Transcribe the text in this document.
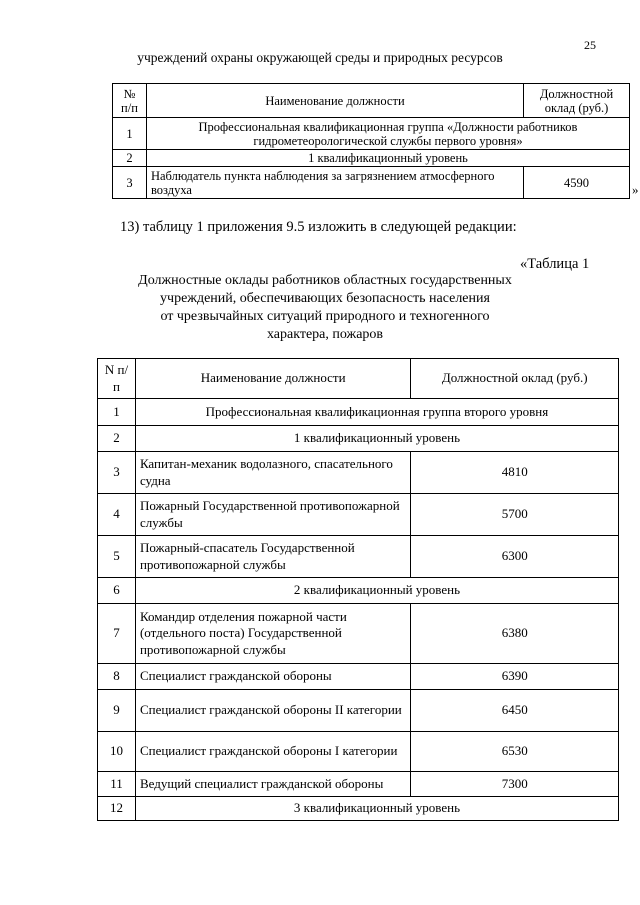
25
учреждений охраны окружающей среды и природных ресурсов
№ п/п	Наименование должности	Должностной оклад (руб.)
1	Профессиональная квалификационная группа «Должности работников гидрометеорологической службы первого уровня»	
2	1 квалификационный уровень	
3	Наблюдатель пункта наблюдения за загрязнением атмосферного воздуха	4590	»
13) таблицу 1 приложения 9.5 изложить в следующей редакции:
«Таблица 1
Должностные оклады работников областных государственных
учреждений, обеспечивающих безопасность населения
от чрезвычайных ситуаций природного и техногенного
характера, пожаров
N п/п	Наименование должности	Должностной оклад (руб.)
1	Профессиональная квалификационная группа второго уровня	
2	1 квалификационный уровень	
3	Капитан-механик водолазного, спасательного судна	4810
4	Пожарный Государственной противопожарной службы	5700
5	Пожарный-спасатель Государственной противопожарной службы	6300
6	2 квалификационный уровень	
7	Командир отделения пожарной части (отдельного поста) Государственной противопожарной службы	6380
8	Специалист гражданской обороны	6390
9	Специалист гражданской обороны II категории	6450
10	Специалист гражданской обороны I категории	6530
11	Ведущий специалист гражданской обороны	7300
12	3 квалификационный уровень	
